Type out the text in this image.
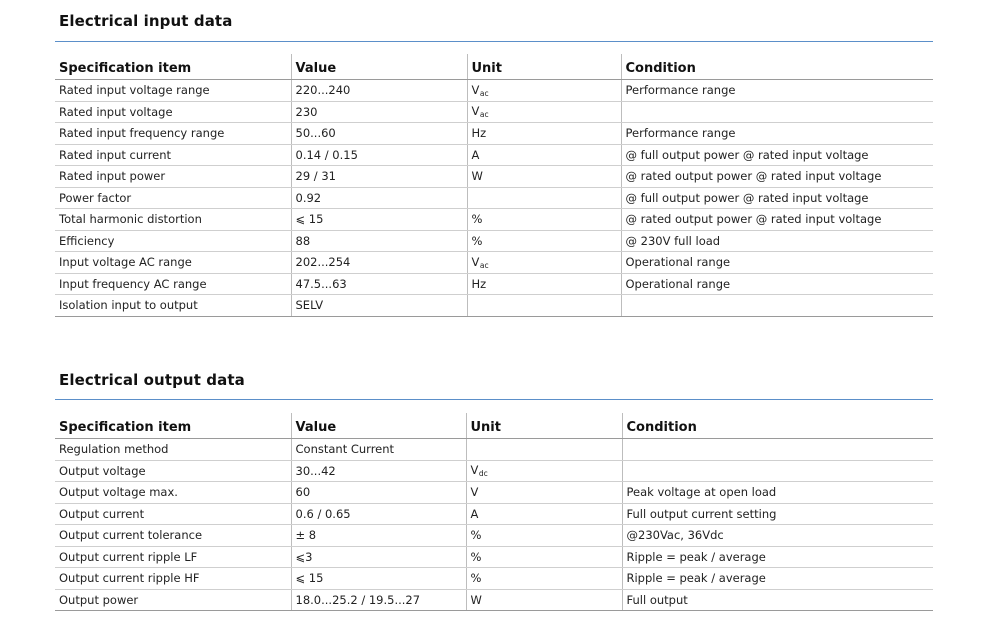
Electrical input data
Specification item	Value	Unit	Condition
Rated input voltage range	220...240	$V_{ac}$	Performance range
Rated input voltage	230	$V_{ac}$	
Rated input frequency range	50...60	Hz	Performance range
Rated input current	0.14 / 0.15	A	@ full output power @ rated input voltage
Rated input power	29 / 31	W	@ rated output power @ rated input voltage
Power factor	0.92		@ full output power @ rated input voltage
Total harmonic distortion	⩽ 15	%	@ rated output power @ rated input voltage
Efficiency	88	%	@ 230V full load
Input voltage AC range	202...254	$V_{ac}$	Operational range
Input frequency AC range	47.5...63	Hz	Operational range
Isolation input to output	SELV		
Electrical output data
Specification item	Value	Unit	Condition
Regulation method	Constant Current		
Output voltage	30...42	$V_{dc}$	
Output voltage max.	60	V	Peak voltage at open load
Output current	0.6 / 0.65	A	Full output current setting
Output current tolerance	± 8	%	@230Vac, 36Vdc
Output current ripple LF	⩽3	%	Ripple = peak / average
Output current ripple HF	⩽ 15	%	Ripple = peak / average
Output power	18.0...25.2 / 19.5...27	W	Full output
